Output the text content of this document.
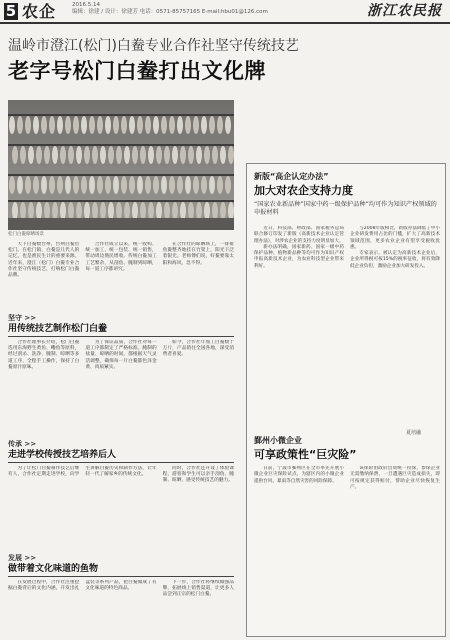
5 农企	2016.5.14
编辑：徐建 / 设计：徐建芳 电话：0571-85757165 E-mail:hbu01@126.com	浙江农民报
温岭市澄江(松门)白鲞专业合作社坚守传统技艺
老字号松门白鲞打出文化牌
松门白鲞晾晒场景

天下白鲞数台州，台州白鲞出松门。在松门镇，白鲞是几代人的记忆，也是渔民生计的重要来源。近年来，澄江（松门）白鲞专业合作社坚守传统技艺，打响松门白鲞品牌。

合作社成立以来，统一收购、统一加工、统一包装、统一销售，带动周边渔民增收。传统白鲞加工工艺繁杂，从剖鱼、腌制到晾晒，每一道工序都讲究。

在合作社的晾晒场上，一排排鱼鲞整齐地挂在竹架上，阳光下泛着银光。老师傅们说，好鲞要靠太阳和海风，急不得。

坚守 >>
用传统技艺制作松门白鲞

合作社理事长介绍，松门白鲞选用东海野生黄鱼、鳓鱼等原料，经过剖杀、洗净、腌制、晾晒等多道工序，全程手工操作，保持了白鲞原汁原味。

为了保证品质，合作社对每一道工序都制定了严格标准。腌制的盐量、晾晒的时间，都根据天气灵活调整，确保每一片白鲞都色泽金黄、肉质紧实。

如今，合作社年加工白鲞数十万斤，产品销往全国各地，深受消费者喜爱。

传承 >>
走进学校传授技艺培养后人

为了让松门白鲞制作技艺后继有人，合作社定期走进学校，向学生讲解白鲞历史和制作方法，让年轻一代了解家乡的传统文化。

同时，合作社还开设了体验课程，游客和学生可以亲手剖鱼、腌制、晾晒，感受传统技艺的魅力。

发展 >>
做带着文化味道的鱼物

在发展过程中，合作社注重挖掘白鲞背后的文化内涵，开发出礼盒装等系列产品，把白鲞做成了有文化味道的特色商品。

下一步，合作社将继续做强品牌，拓展线上销售渠道，让更多人品尝到正宗的松门白鲞。

新版“高企认定办法”
加大对农企支持力度
“国家农业新品种”国家中药一级保护品种”均可作为知识产权领域的申报材料

近日，科技部、财政部、国家税务总局联合修订印发了新版《高新技术企业认定管理办法》，对涉农企业的支持力度明显加大。

新办法明确，国家新药、国家一级中药保护品种、植物新品种等均可作为知识产权申报高新技术企业，为农业科技型企业带来利好。

与2008年版相比，新版办法降低了中小企业研发费用占比的门槛，扩大了高新技术领域范围，更多农业企业有望享受税收优惠。

专家表示，被认定为高新技术企业后，企业所得税可按15%的税率征收，将有效降低企业负担，激励企业加大研发投入。

夏培融
鄞州小微企业
可享政策性“巨灾险”

日前，宁波市鄞州区在全市率先开展小微企业巨灾保险试点，为辖区内的小微企业提供台风、暴雨等自然灾害的风险保障。

该保险由政府出资统一投保，参保企业无需缴纳保费，一旦遭遇巨灾造成损失，即可按规定获得赔付，帮助企业尽快恢复生产。
